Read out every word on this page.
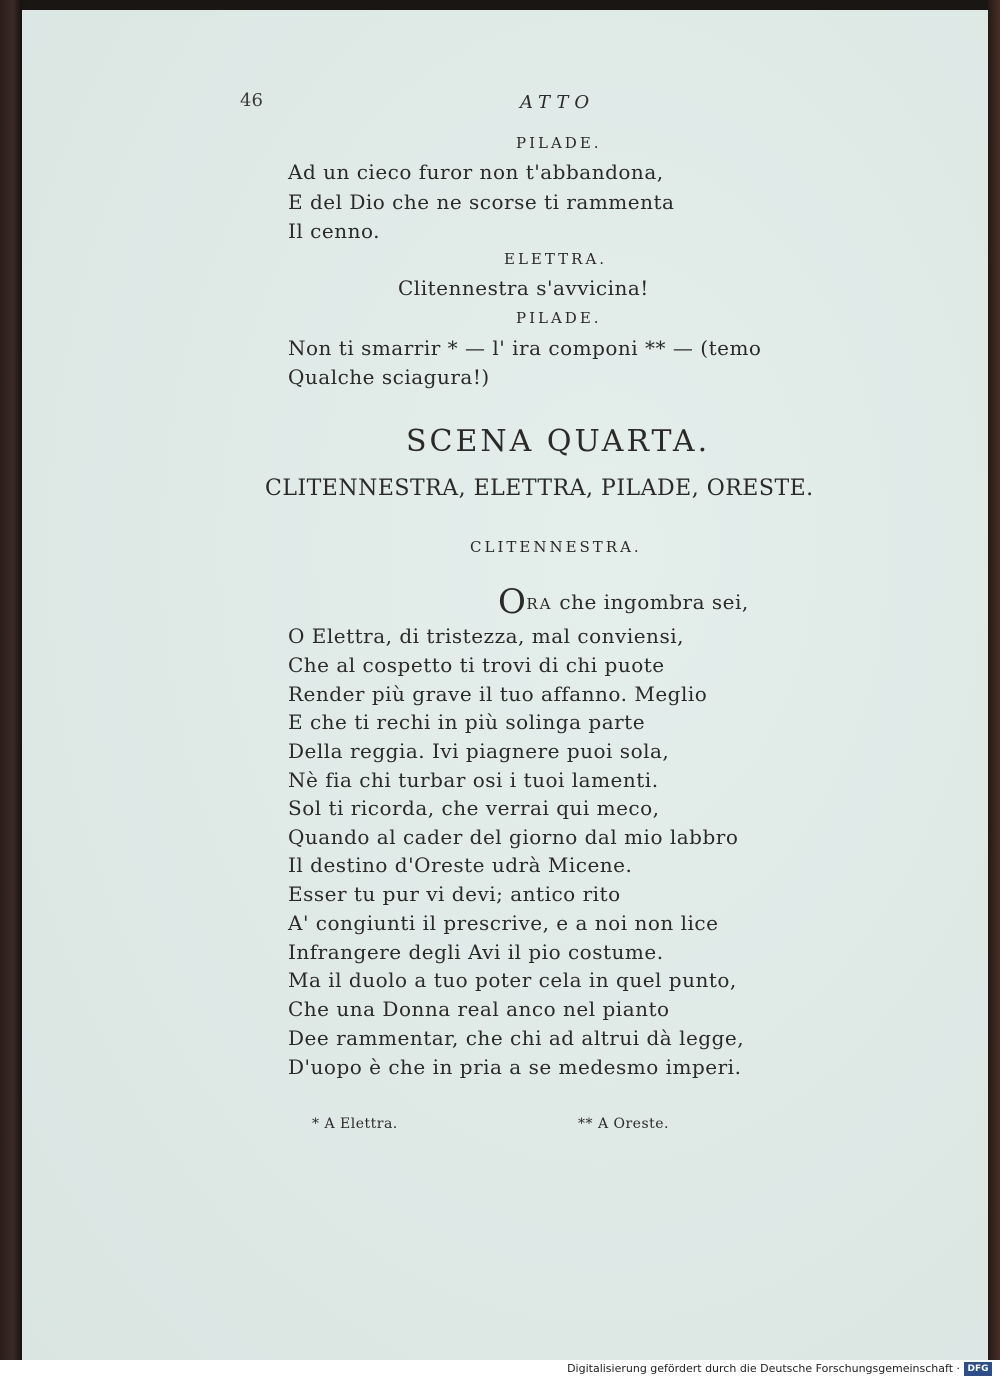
46	ATTO
PILADE.
Ad un cieco furor non t'abbandona,
E del Dio che ne scorse ti rammenta
Il cenno.
ELETTRA.
Clitennestra s'avvicina!
PILADE.
Non ti smarrir * — l' ira componi ** — (temo
Qualche sciagura!)
SCENA QUARTA.
CLITENNESTRA, ELETTRA, PILADE, ORESTE.
CLITENNESTRA.
ORA che ingombra sei,
O Elettra, di tristezza, mal conviensi,
Che al cospetto ti trovi di chi puote
Render più grave il tuo affanno. Meglio
E che ti rechi in più solinga parte
Della reggia. Ivi piagnere puoi sola,
Nè fia chi turbar osi i tuoi lamenti.
Sol ti ricorda, che verrai qui meco,
Quando al cader del giorno dal mio labbro
Il destino d'Oreste udrà Micene.
Esser tu pur vi devi; antico rito
A' congiunti il prescrive, e a noi non lice
Infrangere degli Avi il pio costume.
Ma il duolo a tuo poter cela in quel punto,
Che una Donna real anco nel pianto
Dee rammentar, che chi ad altrui dà legge,
D'uopo è che in pria a se medesmo imperi.
* A Elettra.	** A Oreste.
Digitalisierung gefördert durch die Deutsche Forschungsgemeinschaft · DFG
